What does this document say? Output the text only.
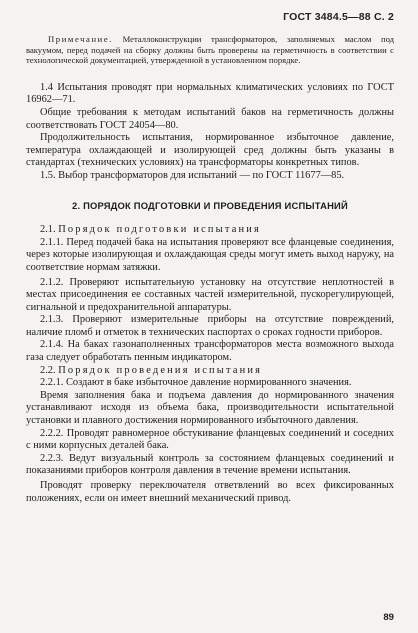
ГОСТ 3484.5—88 С. 2

Примечание. Металлоконструкции трансформаторов, заполняемых маслом под вакуумом, перед подачей на сборку должны быть проверены на герметичность в соответствии с технологической документацией, утвержденной в установленном порядке.

1.4 Испытания проводят при нормальных климатических условиях по ГОСТ 16962—71.

Общие требования к методам испытаний баков на герметичность должны соответствовать ГОСТ 24054—80.

Продолжительность испытания, нормированное избыточное давление, температура охлаждающей и изолирующей сред должны быть указаны в стандартах (технических условиях) на трансформаторы конкретных типов.

1.5. Выбор трансформаторов для испытаний — по ГОСТ 11677—85.

2. ПОРЯДОК ПОДГОТОВКИ И ПРОВЕДЕНИЯ ИСПЫТАНИЙ

2.1. Порядок подготовки испытания

2.1.1. Перед подачей бака на испытания проверяют все фланцевые соединения, через которые изолирующая и охлаждающая среды могут иметь выход наружу, на соответствие нормам затяжки.

2.1.2. Проверяют испытательную установку на отсутствие неплотностей в местах присоединения ее составных частей измерительной, пускорегулирующей, сигнальной и предохранительной аппаратуры.

2.1.3. Проверяют измерительные приборы на отсутствие повреждений, наличие пломб и отметок в технических паспортах о сроках годности приборов.

2.1.4. На баках газонаполненных трансформаторов места возможного выхода газа следует обработать пенным индикатором.

2.2. Порядок проведения испытания

2.2.1. Создают в баке избыточное давление нормированного значения.

Время заполнения бака и подъема давления до нормированного значения устанавливают исходя из объема бака, производительности испытательной установки и плавного достижения нормированного избыточного давления.

2.2.2. Проводят равномерное обстукивание фланцевых соединений и соседних с ними корпусных деталей бака.

2.2.3. Ведут визуальный контроль за состоянием фланцевых соединений и показаниями приборов контроля давления в течение времени испытания.

Проводят проверку переключателя ответвлений во всех фиксированных положениях, если он имеет внешний механический привод.

89
